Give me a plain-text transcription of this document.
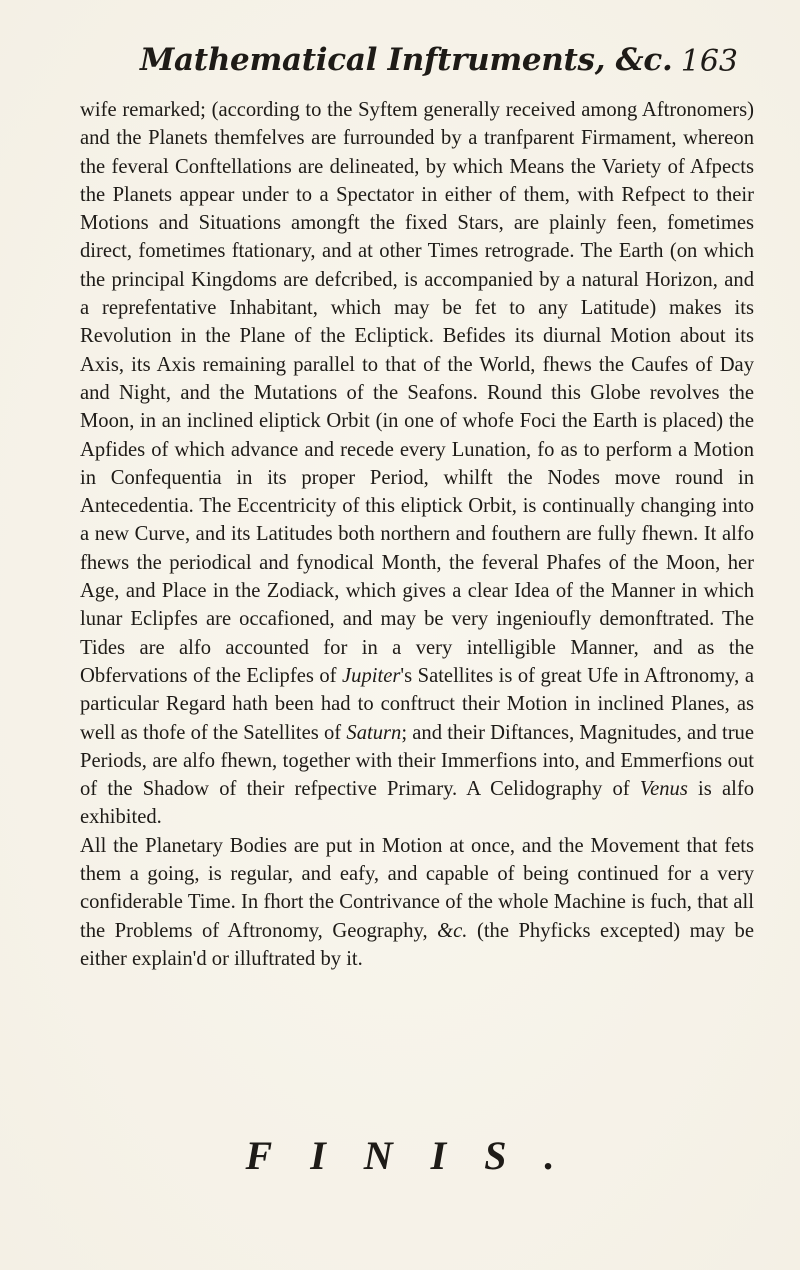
Mathematical Inftruments, &c. 163

wife remarked; (according to the Syftem generally received among Aftronomers) and the Planets themfelves are furrounded by a tranfparent Firmament, whereon the feveral Conftellations are delineated, by which Means the Variety of Afpects the Planets appear under to a Spectator in either of them, with Refpect to their Motions and Situations amongft the fixed Stars, are plainly feen, fometimes direct, fometimes ftationary, and at other Times retrograde. The Earth (on which the principal Kingdoms are defcribed, is accompanied by a natural Horizon, and a reprefentative Inhabitant, which may be fet to any Latitude) makes its Revolution in the Plane of the Ecliptick. Befides its diurnal Motion about its Axis, its Axis remaining parallel to that of the World, fhews the Caufes of Day and Night, and the Mutations of the Seafons. Round this Globe revolves the Moon, in an inclined eliptick Orbit (in one of whofe Foci the Earth is placed) the Apfides of which advance and recede every Lunation, fo as to perform a Motion in Confequentia in its proper Period, whilft the Nodes move round in Antecedentia. The Eccentricity of this eliptick Orbit, is continually changing into a new Curve, and its Latitudes both northern and fouthern are fully fhewn. It alfo fhews the periodical and fynodical Month, the feveral Phafes of the Moon, her Age, and Place in the Zodiack, which gives a clear Idea of the Manner in which lunar Eclipfes are occafioned, and may be very ingenioufly demonftrated. The Tides are alfo accounted for in a very intelligible Manner, and as the Obfervations of the Eclipfes of Jupiter's Satellites is of great Ufe in Aftronomy, a particular Regard hath been had to conftruct their Motion in inclined Planes, as well as thofe of the Satellites of Saturn; and their Diftances, Magnitudes, and true Periods, are alfo fhewn, together with their Immerfions into, and Emmerfions out of the Shadow of their refpective Primary. A Celidography of Venus is alfo exhibited.

All the Planetary Bodies are put in Motion at once, and the Movement that fets them a going, is regular, and eafy, and capable of being continued for a very confiderable Time. In fhort the Contrivance of the whole Machine is fuch, that all the Problems of Aftronomy, Geography, &c. (the Phyficks excepted) may be either explain'd or illuftrated by it.

FINIS.
